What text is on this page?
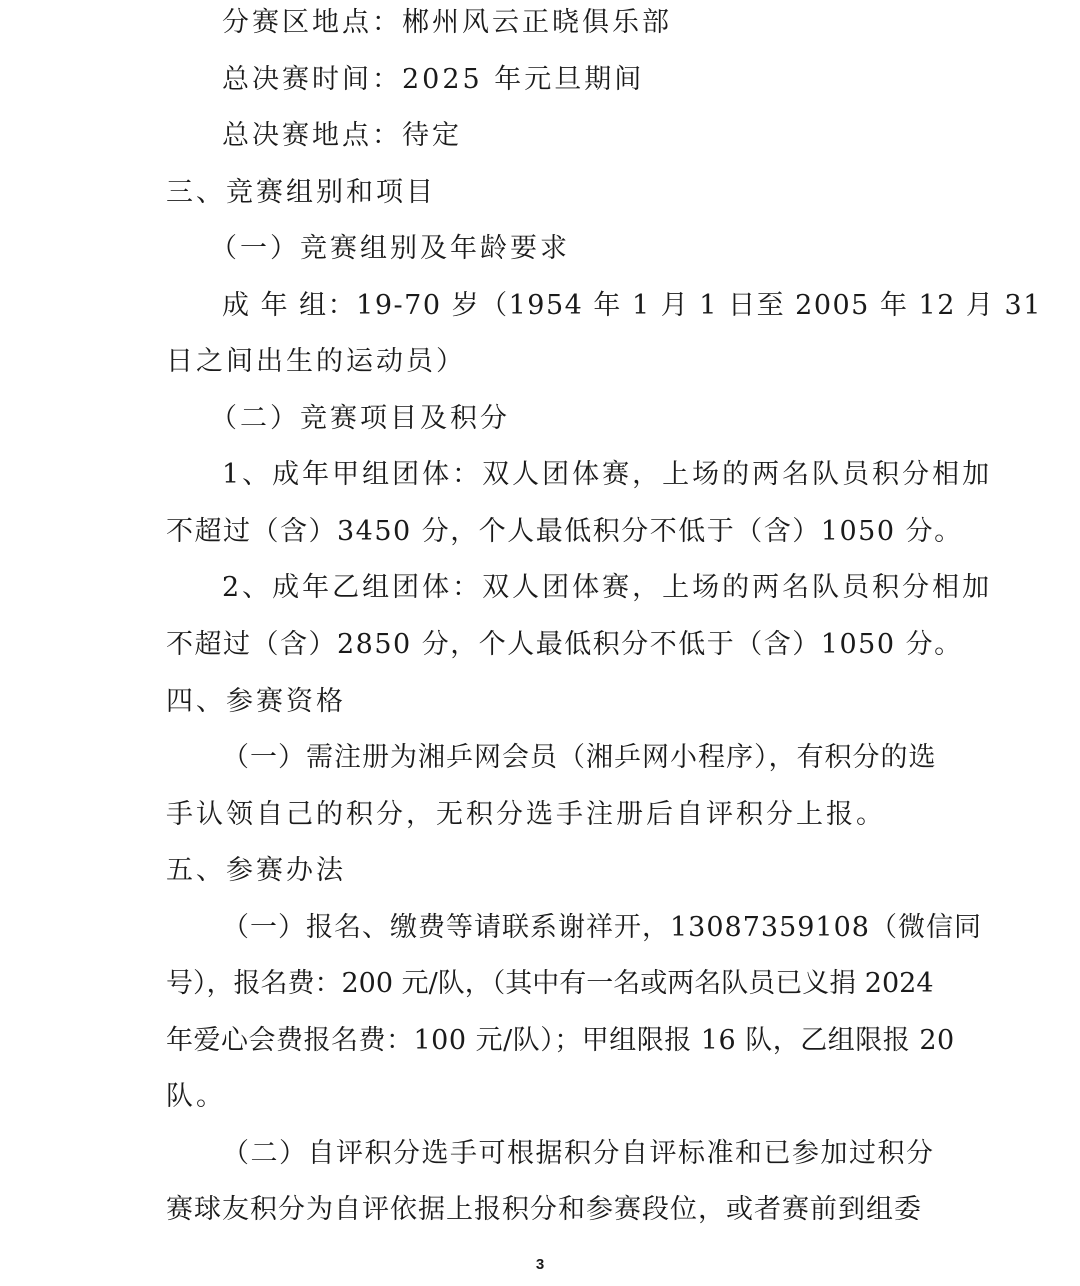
分赛区地点：郴州风云正晓俱乐部
总决赛时间：2025 年元旦期间
总决赛地点：待定
三、竞赛组别和项目
（一）竞赛组别及年龄要求
成 年 组：19-70 岁（1954 年 1 月 1 日至 2005 年 12 月 31
日之间出生的运动员）
（二）竞赛项目及积分
1、成年甲组团体：双人团体赛，上场的两名队员积分相加
不超过（含）3450 分，个人最低积分不低于（含）1050 分。
2、成年乙组团体：双人团体赛，上场的两名队员积分相加
不超过（含）2850 分，个人最低积分不低于（含）1050 分。
四、参赛资格
（一）需注册为湘乒网会员（湘乒网小程序），有积分的选
手认领自己的积分，无积分选手注册后自评积分上报。
五、参赛办法
（一）报名、缴费等请联系谢祥开，13087359108（微信同
号），报名费：200 元/队，（其中有一名或两名队员已义捐 2024
年爱心会费报名费：100 元/队）；甲组限报 16 队，乙组限报 20
队。
（二）自评积分选手可根据积分自评标准和已参加过积分
赛球友积分为自评依据上报积分和参赛段位，或者赛前到组委
3
